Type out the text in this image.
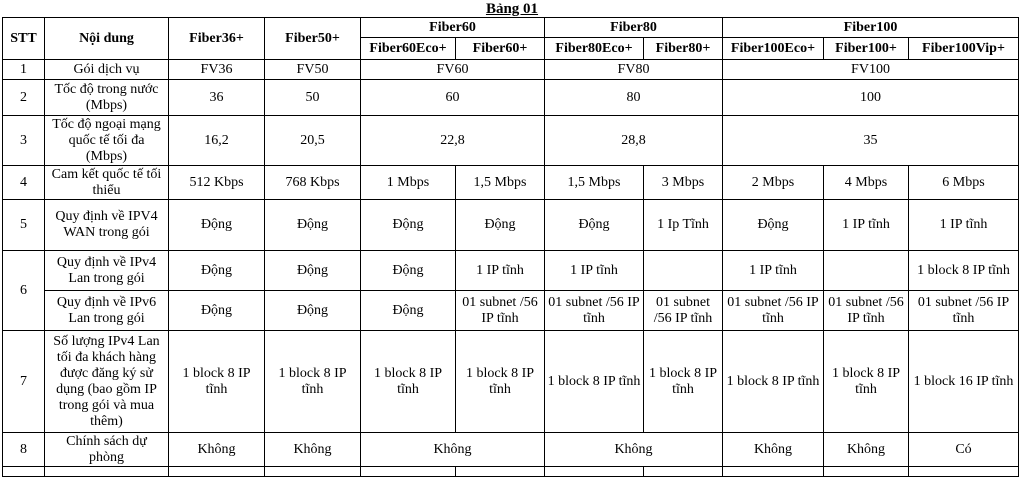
Bảng 01
STT	Nội dung	Fiber36+	Fiber50+	Fiber60		Fiber80		Fiber100		
				Fiber60Eco+	Fiber60+	Fiber80Eco+	Fiber80+	Fiber100Eco+	Fiber100+	Fiber100Vip+
1	Gói dịch vụ	FV36	FV50	FV60		FV80		FV100		
2	Tốc độ trong nước (Mbps)	36	50	60		80		100		
3	Tốc độ ngoại mạng quốc tế tối đa (Mbps)	16,2	20,5	22,8		28,8		35		
4	Cam kết quốc tế tối thiểu	512 Kbps	768 Kbps	1 Mbps	1,5 Mbps	1,5 Mbps	3 Mbps	2 Mbps	4 Mbps	6 Mbps
5	Quy định về IPV4 WAN trong gói	Động	Động	Động	Động	Động	1 Ip Tĩnh	Động	1 IP tĩnh	1 IP tĩnh
6	Quy định về IPv4 Lan trong gói	Động	Động	Động	1 IP tĩnh	1 IP tĩnh		1 IP tĩnh		1 block 8 IP tĩnh
	Quy định về IPv6 Lan trong gói	Động	Động	Động	01 subnet /56 IP tĩnh	01 subnet /56 IP tĩnh	01 subnet /56 IP tĩnh	01 subnet /56 IP tĩnh	01 subnet /56 IP tĩnh	01 subnet /56 IP tĩnh
7	Số lượng IPv4 Lan tối đa khách hàng được đăng ký sử dụng (bao gồm IP trong gói và mua thêm)	1 block 8 IP tĩnh	1 block 8 IP tĩnh	1 block 8 IP tĩnh	1 block 8 IP tĩnh	1 block 8 IP tĩnh	1 block 8 IP tĩnh	1 block 8 IP tĩnh	1 block 8 IP tĩnh	1 block 16 IP tĩnh
8	Chính sách dự phòng	Không	Không	Không		Không		Không	Không	Có
